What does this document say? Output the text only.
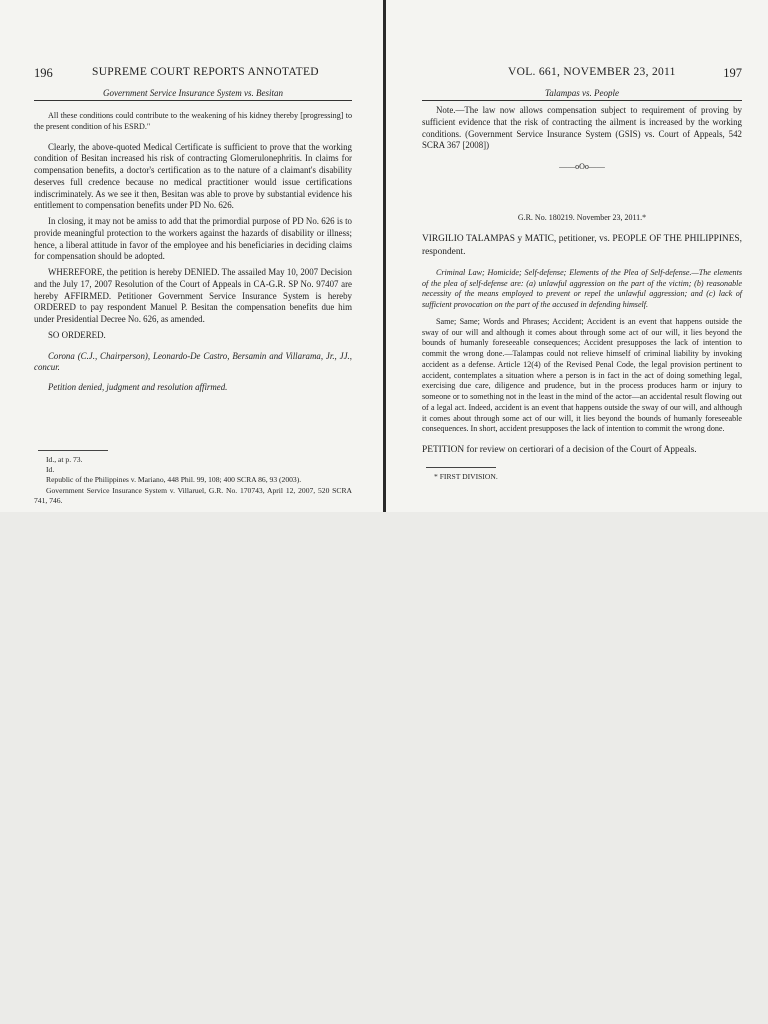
196	SUPREME COURT REPORTS ANNOTATED
Government Service Insurance System vs. Besitan

All these conditions could contribute to the weakening of his kidney thereby [progressing] to the present condition of his ESRD."

Clearly, the above-quoted Medical Certificate is sufficient to prove that the working condition of Besitan increased his risk of contracting Glomerulonephritis. In claims for compensation benefits, a doctor's certification as to the nature of a claimant's disability deserves full credence because no medical practitioner would issue certifications indiscriminately. As we see it then, Besitan was able to prove by substantial evidence his entitlement to compensation benefits under PD No. 626.

In closing, it may not be amiss to add that the primordial purpose of PD No. 626 is to provide meaningful protection to the workers against the hazards of disability or illness; hence, a liberal attitude in favor of the employee and his beneficiaries in deciding claims for compensation should be adopted.

WHEREFORE, the petition is hereby DENIED. The assailed May 10, 2007 Decision and the July 17, 2007 Resolution of the Court of Appeals in CA-G.R. SP No. 97407 are hereby AFFIRMED. Petitioner Government Service Insurance System is hereby ORDERED to pay respondent Manuel P. Besitan the compensation benefits due him under Presidential Decree No. 626, as amended.

SO ORDERED.

Corona (C.J., Chairperson), Leonardo-De Castro, Bersamin and Villarama, Jr., JJ., concur.

Petition denied, judgment and resolution affirmed.

Id., at p. 73.

Id.

Republic of the Philippines v. Mariano, 448 Phil. 99, 108; 400 SCRA 86, 93 (2003).

Government Service Insurance System v. Villaruel, G.R. No. 170743, April 12, 2007, 520 SCRA 741, 746.

VOL. 661, NOVEMBER 23, 2011	197
Talampas vs. People

Note.—The law now allows compensation subject to requirement of proving by sufficient evidence that the risk of contracting the ailment is increased by the working conditions. (Government Service Insurance System (GSIS) vs. Court of Appeals, 542 SCRA 367 [2008])

——oOo——

G.R. No. 180219. November 23, 2011.*

VIRGILIO TALAMPAS y MATIC, petitioner, vs. PEOPLE OF THE PHILIPPINES, respondent.

Criminal Law; Homicide; Self-defense; Elements of the Plea of Self-defense.—The elements of the plea of self-defense are: (a) unlawful aggression on the part of the victim; (b) reasonable necessity of the means employed to prevent or repel the unlawful aggression; and (c) lack of sufficient provocation on the part of the accused in defending himself.

Same; Same; Words and Phrases; Accident; Accident is an event that happens outside the sway of our will and although it comes about through some act of our will, it lies beyond the bounds of humanly foreseeable consequences; Accident presupposes the lack of intention to commit the wrong done.—Talampas could not relieve himself of criminal liability by invoking accident as a defense. Article 12(4) of the Revised Penal Code, the legal provision pertinent to accident, contemplates a situation where a person is in fact in the act of doing something legal, exercising due care, diligence and prudence, but in the process produces harm or injury to someone or to something not in the least in the mind of the actor—an accidental result flowing out of a legal act. Indeed, accident is an event that happens outside the sway of our will, and although it comes about through some act of our will, it lies beyond the bounds of humanly foreseeable consequences. In short, accident presupposes the lack of intention to commit the wrong done.

PETITION for review on certiorari of a decision of the Court of Appeals.

* FIRST DIVISION.
